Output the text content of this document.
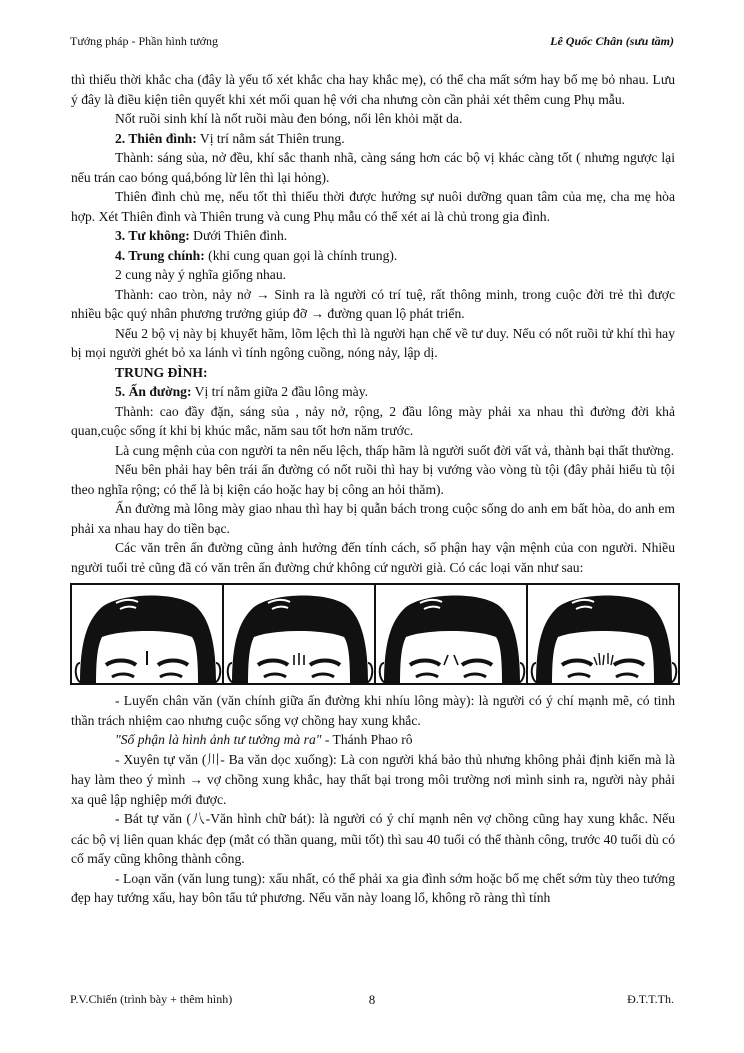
Tướng pháp - Phần hình tướng	Lê Quốc Chân (sưu tầm)

thì thiếu thời khắc cha (đây là yếu tố xét khắc cha hay khắc mẹ), có thể cha mất sớm hay bố mẹ bỏ nhau. Lưu ý đây là điều kiện tiên quyết khi xét mối quan hệ với cha nhưng còn cần phải xét thêm cung Phụ mẫu.

Nốt ruồi sinh khí là nốt ruồi màu đen bóng, nổi lên khỏi mặt da.

2. Thiên đình: Vị trí nằm sát Thiên trung.

Thành: sáng sủa, nở đều, khí sắc thanh nhã, càng sáng hơn các bộ vị khác càng tốt ( nhưng ngược lại nếu trán cao bóng quá,bóng lừ lên thì lại hỏng).

Thiên đình chủ mẹ, nếu tốt thì thiếu thời được hưởng sự nuôi dưỡng quan tâm của mẹ, cha mẹ hòa hợp. Xét Thiên đình và Thiên trung và cung Phụ mẫu có thể xét ai là chủ trong gia đình.

3. Tư không: Dưới Thiên đình.

4. Trung chính: (khi cung quan gọi là chính trung).

2 cung này ý nghĩa giống nhau.

Thành: cao tròn, nảy nở → Sinh ra là người có trí tuệ, rất thông minh, trong cuộc đời trẻ thì được nhiều bậc quý nhân phương trưởng giúp đỡ → đường quan lộ phát triển.

Nếu 2 bộ vị này bị khuyết hãm, lõm lệch thì là người hạn chế về tư duy. Nếu có nốt ruồi tử khí thì hay bị mọi người ghét bỏ xa lánh vì tính ngông cuồng, nóng nảy, lập dị.

TRUNG ĐÌNH:

5. Ấn đường: Vị trí nằm giữa 2 đầu lông mày.

Thành: cao đầy đặn, sáng sủa , nảy nở, rộng, 2 đầu lông mày phải xa nhau thì đường đời khả quan,cuộc sống ít khi bị khúc mắc, năm sau tốt hơn năm trước.

Là cung mệnh của con người ta nên nếu lệch, thấp hãm là người suốt đời vất vả, thành bại thất thường.

Nếu bên phải hay bên trái ấn đường có nốt ruồi thì hay bị vướng vào vòng tù tội (đây phải hiểu tù tội theo nghĩa rộng; có thể là bị kiện cáo hoặc hay bị công an hỏi thăm).

Ấn đường mà lông mày giao nhau thì hay bị quẫn bách trong cuộc sống do anh em bất hòa, do anh em phải xa nhau hay do tiền bạc.

Các văn trên ấn đường cũng ảnh hưởng đến tính cách, số phận hay vận mệnh của con người. Nhiều người tuổi trẻ cũng đã có văn trên ấn đường chứ không cứ người già. Có các loại văn như sau:

- Luyến chân văn (văn chính giữa ấn đường khi nhíu lông mày): là người có ý chí mạnh mẽ, có tinh thần trách nhiệm cao nhưng cuộc sống vợ chồng hay xung khắc.

"Số phận là hình ảnh tư tưởng mà ra" - Thánh Phao rô

- Xuyên tự văn (川- Ba văn dọc xuống): Là con người khá bảo thủ nhưng không phải định kiến mà là hay làm theo ý mình → vợ chồng xung khắc, hay thất bại trong môi trường nơi mình sinh ra, người này phải xa quê lập nghiệp mới được.

- Bát tự văn (八-Văn hình chữ bát): là người có ý chí mạnh nên vợ chồng cũng hay xung khắc. Nếu các bộ vị liên quan khác đẹp (mắt có thần quang, mũi tốt) thì sau 40 tuổi có thể thành công, trước 40 tuổi dù có cố mấy cũng không thành công.

- Loạn văn (văn lung tung): xấu nhất, có thể phải xa gia đình sớm hoặc bố mẹ chết sớm tùy theo tướng đẹp hay tướng xấu, hay bôn tẩu tứ phương. Nếu văn này loang lổ, không rõ ràng thì tính

P.V.Chiến (trình bày + thêm hình)	8	Đ.T.T.Th.
